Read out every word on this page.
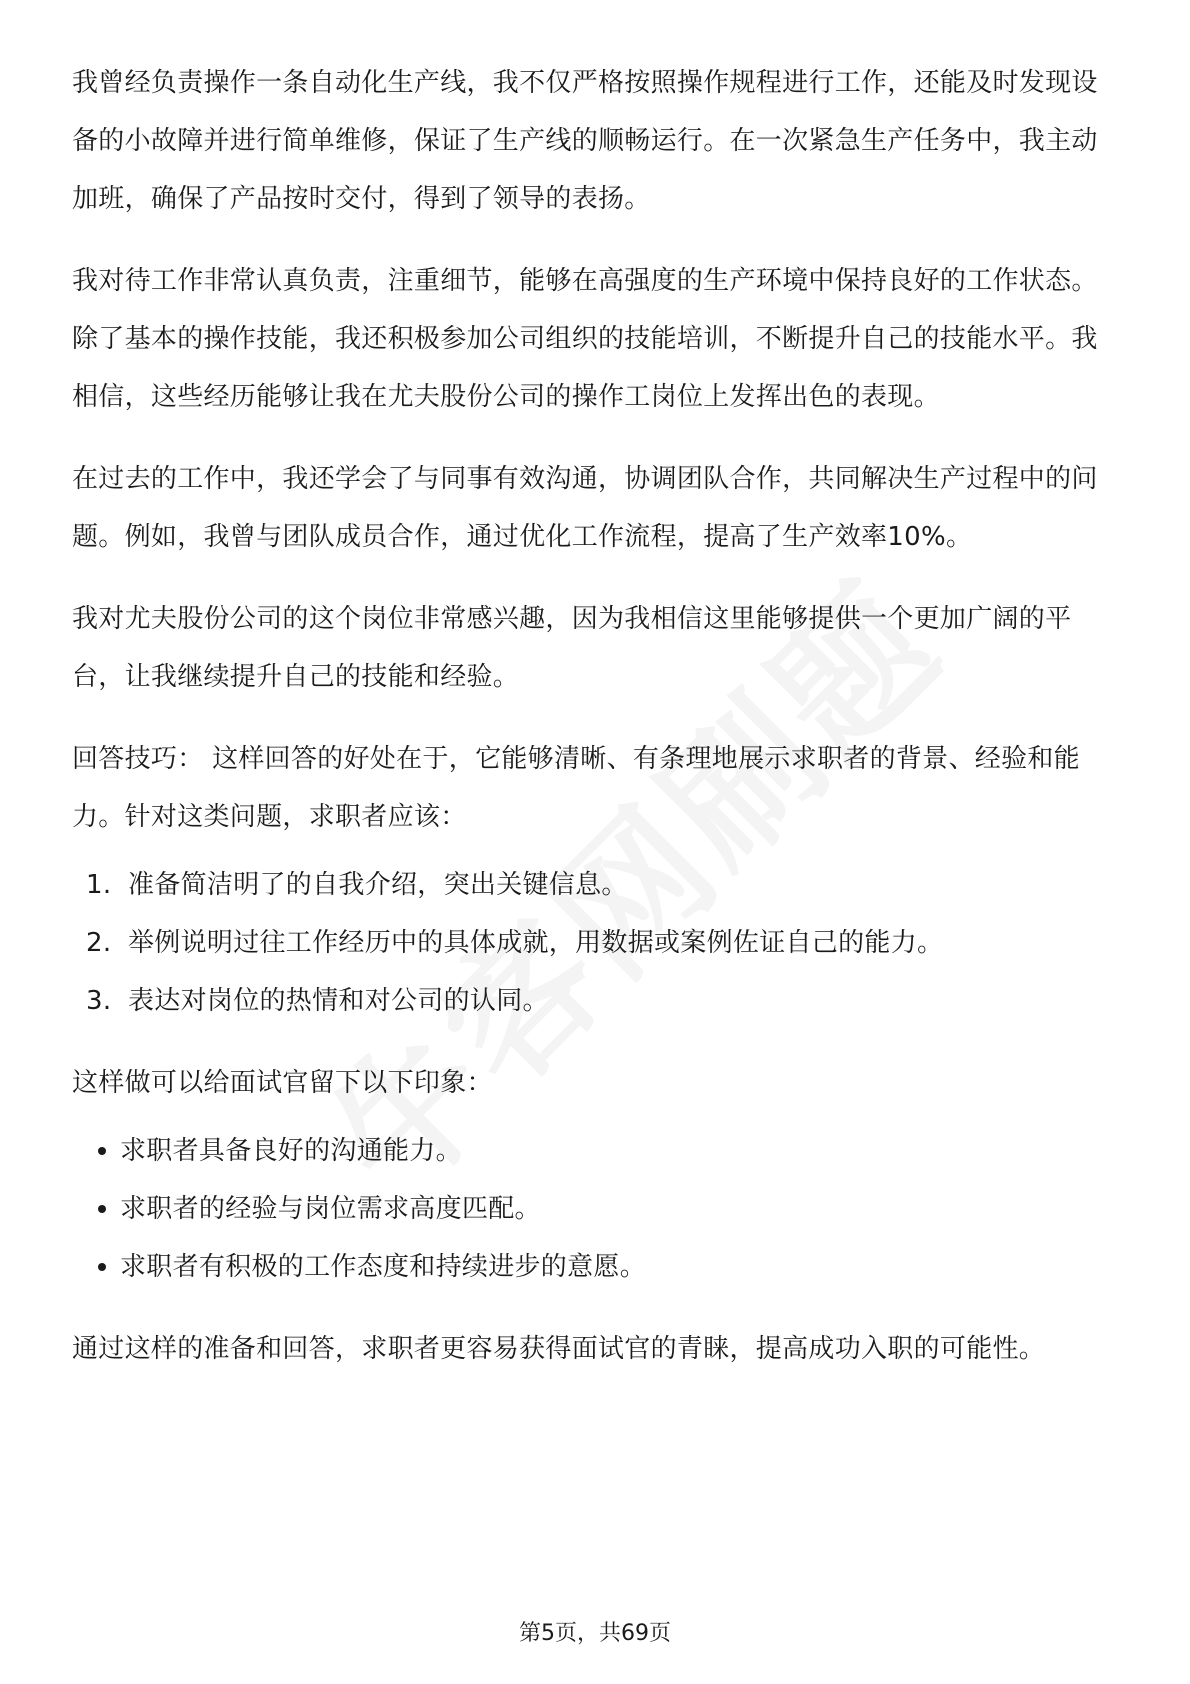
我曾经负责操作一条自动化生产线，我不仅严格按照操作规程进行工作，还能及时发现设备的小故障并进行简单维修，保证了生产线的顺畅运行。在一次紧急生产任务中，我主动加班，确保了产品按时交付，得到了领导的表扬。

我对待工作非常认真负责，注重细节，能够在高强度的生产环境中保持良好的工作状态。除了基本的操作技能，我还积极参加公司组织的技能培训，不断提升自己的技能水平。我相信，这些经历能够让我在尤夫股份公司的操作工岗位上发挥出色的表现。

在过去的工作中，我还学会了与同事有效沟通，协调团队合作，共同解决生产过程中的问题。例如，我曾与团队成员合作，通过优化工作流程，提高了生产效率10%。

我对尤夫股份公司的这个岗位非常感兴趣，因为我相信这里能够提供一个更加广阔的平台，让我继续提升自己的技能和经验。

回答技巧： 这样回答的好处在于，它能够清晰、有条理地展示求职者的背景、经验和能力。针对这类问题，求职者应该：

1. 准备简洁明了的自我介绍，突出关键信息。
2. 举例说明过往工作经历中的具体成就，用数据或案例佐证自己的能力。
3. 表达对岗位的热情和对公司的认同。

这样做可以给面试官留下以下印象：

求职者具备良好的沟通能力。
求职者的经验与岗位需求高度匹配。
求职者有积极的工作态度和持续进步的意愿。

通过这样的准备和回答，求职者更容易获得面试官的青睐，提高成功入职的可能性。

第5页，共69页
